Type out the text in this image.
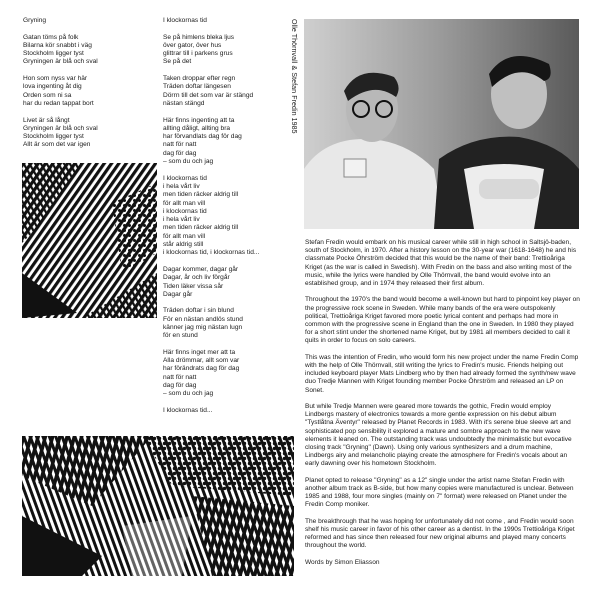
Gryning
Gatan töms på folk
Bilarna kör snabbt i väg
Stockholm ligger tyst
Gryningen är blå och sval
Hon som nyss var här
lova ingenting åt dig
Orden som ni sa
har du redan tappat bort
Livet är så långt
Gryningen är blå och sval
Stockholm ligger tyst
Allt är som det var igen
I klockornas tid
Se på himlens bleka ljus
över gator, över hus
glittrar till i parkens grus
Se på det
Taken droppar efter regn
Träden doftar längesen
Dörrn till det som var är stängd
nästan stängd
Här finns ingenting att ta
allting dåligt, allting bra
har förvandlats dag för dag
natt för natt
dag för dag
– som du och jag
I klockornas tid
i hela vårt liv
men tiden räcker aldrig till
för allt man vill
i klockornas tid
i hela vårt liv
men tiden räcker aldrig till
för allt man vill
står aldrig still
i klockornas tid, i klockornas tid...
Dagar kommer, dagar går
Dagar, år och liv förgår
Tiden läker vissa sår
Dagar går
Träden doftar i sin blund
För en nästan andlös stund
känner jag mig nästan lugn
för en stund
Här finns inget mer att ta
Alla drömmar, allt som var
har förändrats dag för dag
natt för natt
dag för dag
– som du och jag
I klockornas tid...
Olle Thörnvall & Stefan Fredin 1985

Stefan Fredin would embark on his musical career while still in high school in Saltsjö-baden, south of Stockholm, in 1970. After a history lesson on the 30-year war (1618-1648) he and his classmate Pocke Öhrström decided that this would be the name of their band: Trettioåriga Kriget (as the war is called in Swedish). With Fredin on the bass and also writing most of the music, while the lyrics were handled by Olle Thörnvall, the band would evolve into an established group, and in 1974 they released their first album.

Throughout the 1970's the band would become a well-known but hard to pinpoint key player on the progressive rock scene in Sweden. While many bands of the era were outspokenly political, Trettioåriga Kriget favored more poetic lyrical content and perhaps had more in common with the progressive scene in England than the one in Sweden. In 1980 they played for a short stint under the shortened name Kriget, but by 1981 all members decided to call it quits in order to focus on solo careers.

This was the intention of Fredin, who would form his new project under the name Fredin Comp with the help of Olle Thörnvall, still writing the lyrics to Fredin's music. Friends helping out included keyboard player Mats Lindberg who by then had already formed the synth/new wave duo Tredje Mannen with Kriget founding member Pocke Öhrström and released an LP on Sonet.

But while Tredje Mannen were geared more towards the gothic, Fredin would employ Lindbergs mastery of electronics towards a more gentle expression on his debut album "Tystlåtna Äventyr" released by Planet Records in 1983. With it's serene blue sleeve art and sophisticated pop sensibility it explored a mature and sombre approach to the new wave elements it leaned on. The outstanding track was undoubtedly the minimalistic but evocative closing track "Gryning" (Dawn). Using only various synthesizers and a drum machine, Lindbergs airy and melancholic playing create the atmosphere for Fredin's vocals about an early dawning over his hometown Stockholm.

Planet opted to release "Gryning" as a 12" single under the artist name Stefan Fredin with another album track as B-side, but how many copies were manufactured is unclear. Between 1985 and 1988, four more singles (mainly on 7" format) were released on Planet under the Fredin Comp moniker.

The breakthrough that he was hoping for unfortunately did not come , and Fredin would soon shelf his music career in favor of his other career as a dentist. In the 1990s Trettioåriga Kriget reformed and has since then released four new original albums and played many concerts throughout the world.

Words by Simon Eliasson
